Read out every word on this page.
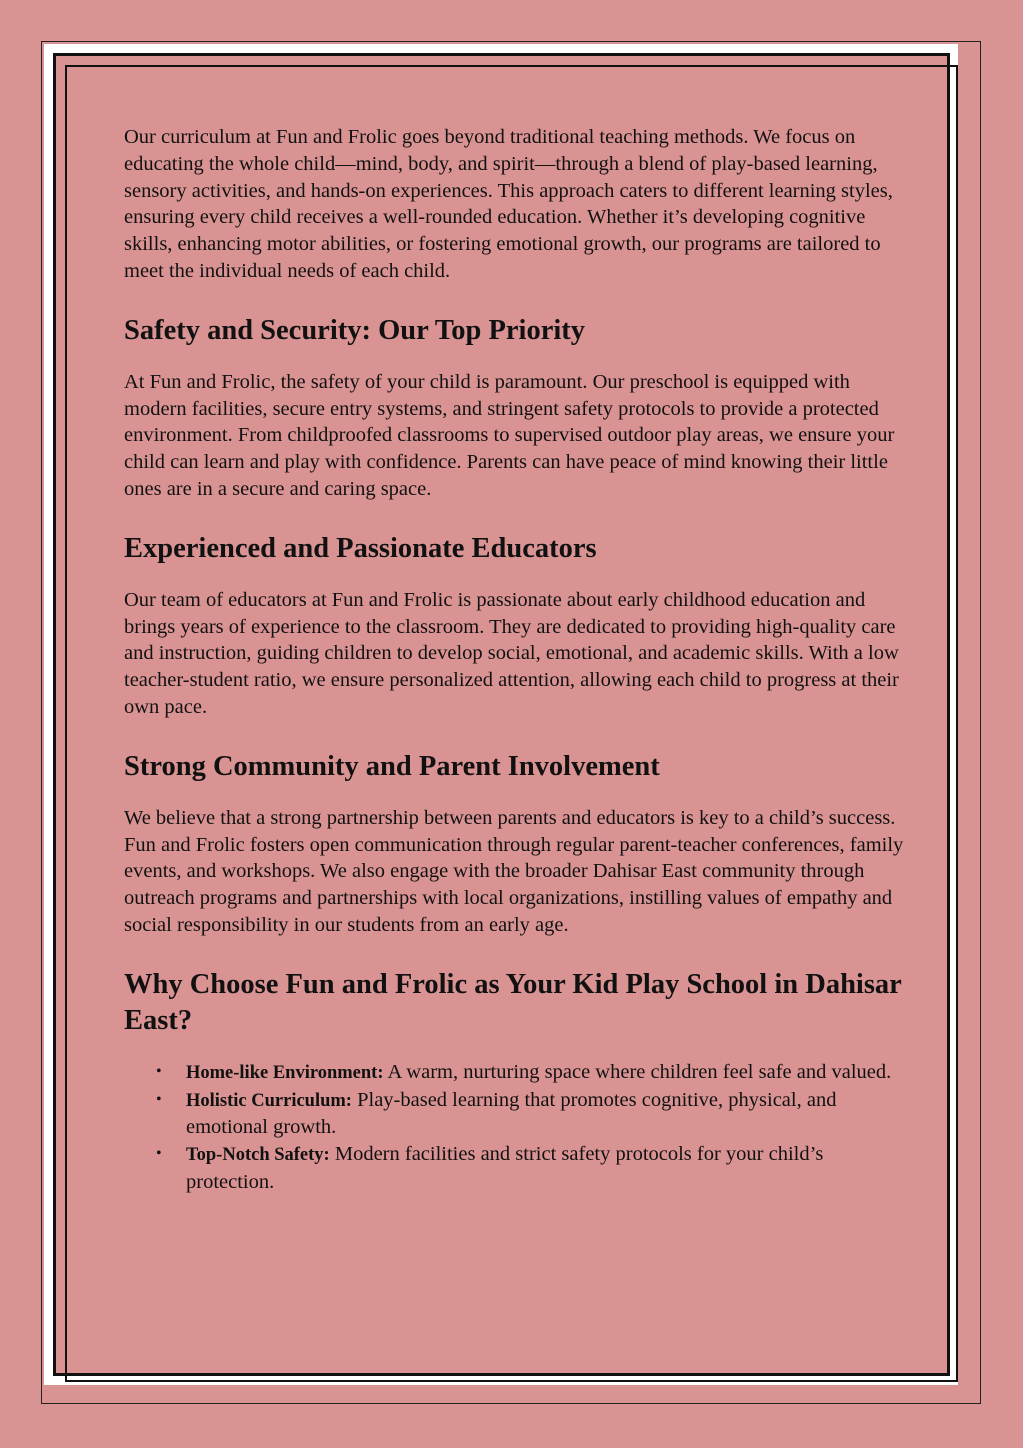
Our curriculum at Fun and Frolic goes beyond traditional teaching methods. We focus on educating the whole child—mind, body, and spirit—through a blend of play-based learning, sensory activities, and hands-on experiences. This approach caters to different learning styles, ensuring every child receives a well-rounded education. Whether it’s developing cognitive skills, enhancing motor abilities, or fostering emotional growth, our programs are tailored to meet the individual needs of each child.

Safety and Security: Our Top Priority

At Fun and Frolic, the safety of your child is paramount. Our preschool is equipped with modern facilities, secure entry systems, and stringent safety protocols to provide a protected environment. From childproofed classrooms to supervised outdoor play areas, we ensure your child can learn and play with confidence. Parents can have peace of mind knowing their little ones are in a secure and caring space.

Experienced and Passionate Educators

Our team of educators at Fun and Frolic is passionate about early childhood education and brings years of experience to the classroom. They are dedicated to providing high-quality care and instruction, guiding children to develop social, emotional, and academic skills. With a low teacher-student ratio, we ensure personalized attention, allowing each child to progress at their own pace.

Strong Community and Parent Involvement

We believe that a strong partnership between parents and educators is key to a child’s success. Fun and Frolic fosters open communication through regular parent-teacher conferences, family events, and workshops. We also engage with the broader Dahisar East community through outreach programs and partnerships with local organizations, instilling values of empathy and social responsibility in our students from an early age.

Why Choose Fun and Frolic as Your Kid Play School in Dahisar East?
• Home-like Environment: A warm, nurturing space where children feel safe and valued.
• Holistic Curriculum: Play-based learning that promotes cognitive, physical, and emotional growth.
• Top-Notch Safety: Modern facilities and strict safety protocols for your child’s protection.
